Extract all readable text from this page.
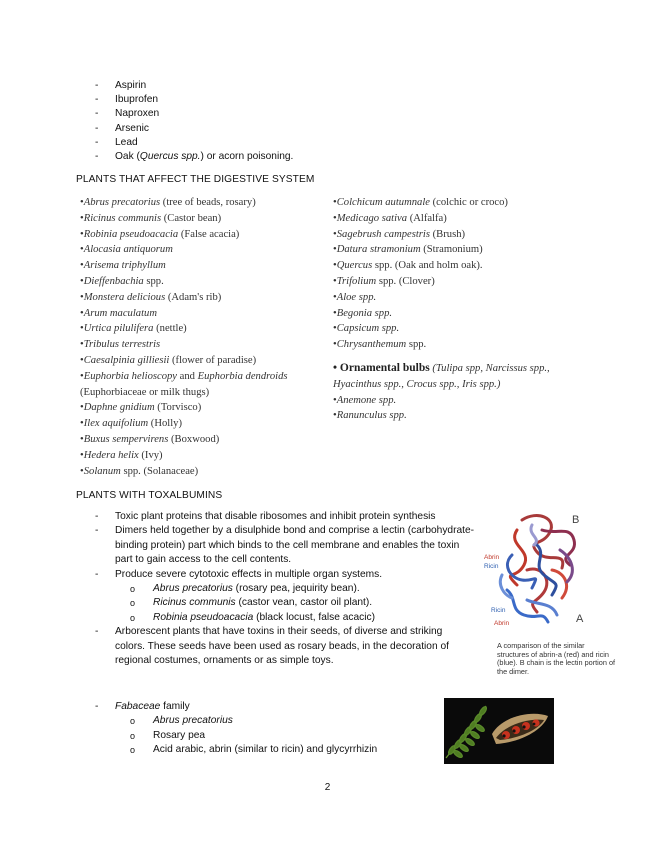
- Aspirin
- Ibuprofen
- Naproxen
- Arsenic
- Lead
- Oak (Quercus spp.) or acorn poisoning.
PLANTS THAT AFFECT THE DIGESTIVE SYSTEM
•Abrus precatorius (tree of beads, rosary)
•Ricinus communis (Castor bean)
•Robinia pseudoacacia (False acacia)
•Alocasia antiquorum
•Arisema triphyllum
•Dieffenbachia spp.
•Monstera delicious (Adam's rib)
•Arum maculatum
•Urtica pilulifera (nettle)
•Tribulus terrestris
•Caesalpinia gilliesii (flower of paradise)
•Euphorbia helioscopy and Euphorbia dendroids
(Euphorbiaceae or milk thugs)
•Daphne gnidium (Torvisco)
•Ilex aquifolium (Holly)
•Buxus sempervirens (Boxwood)
•Hedera helix (Ivy)
•Solanum spp. (Solanaceae)
•Colchicum autumnale (colchic or croco)
•Medicago sativa (Alfalfa)
•Sagebrush campestris (Brush)
•Datura stramonium (Stramonium)
•Quercus spp. (Oak and holm oak).
•Trifolium spp. (Clover)
•Aloe spp.
•Begonia spp.
•Capsicum spp.
•Chrysanthemum spp.
• Ornamental bulbs (Tulipa spp, Narcissus spp.,
Hyacinthus spp., Crocus spp., Iris spp.)
•Anemone spp.
•Ranunculus spp.
PLANTS WITH TOXALBUMINS
- Toxic plant proteins that disable ribosomes and inhibit protein synthesis
- Dimers held together by a disulphide bond and comprise a lectin (carbohydrate-binding protein) part which binds to the cell membrane and enables the toxin part to gain access to the cell contents.
- Produce severe cytotoxic effects in multiple organ systems.
o Abrus precatorius (rosary pea, jequirity bean).
o Ricinus communis (castor vean, castor oil plant).
o Robinia pseudoacacia (black locust, false acacic)
- Arborescent plants that have toxins in their seeds, of diverse and striking colors. These seeds have been used as rosary beads, in the decoration of regional costumes, ornaments or as simple toys.
B
A
Abrin
Ricin
Ricin
Abrin
A comparison of the similar structures of abrin-a (red) and ricin (blue). B chain is the lectin portion of the dimer.
- Fabaceae family
o Abrus precatorius
o Rosary pea
o Acid arabic, abrin (similar to ricin) and glycyrrhizin
2
